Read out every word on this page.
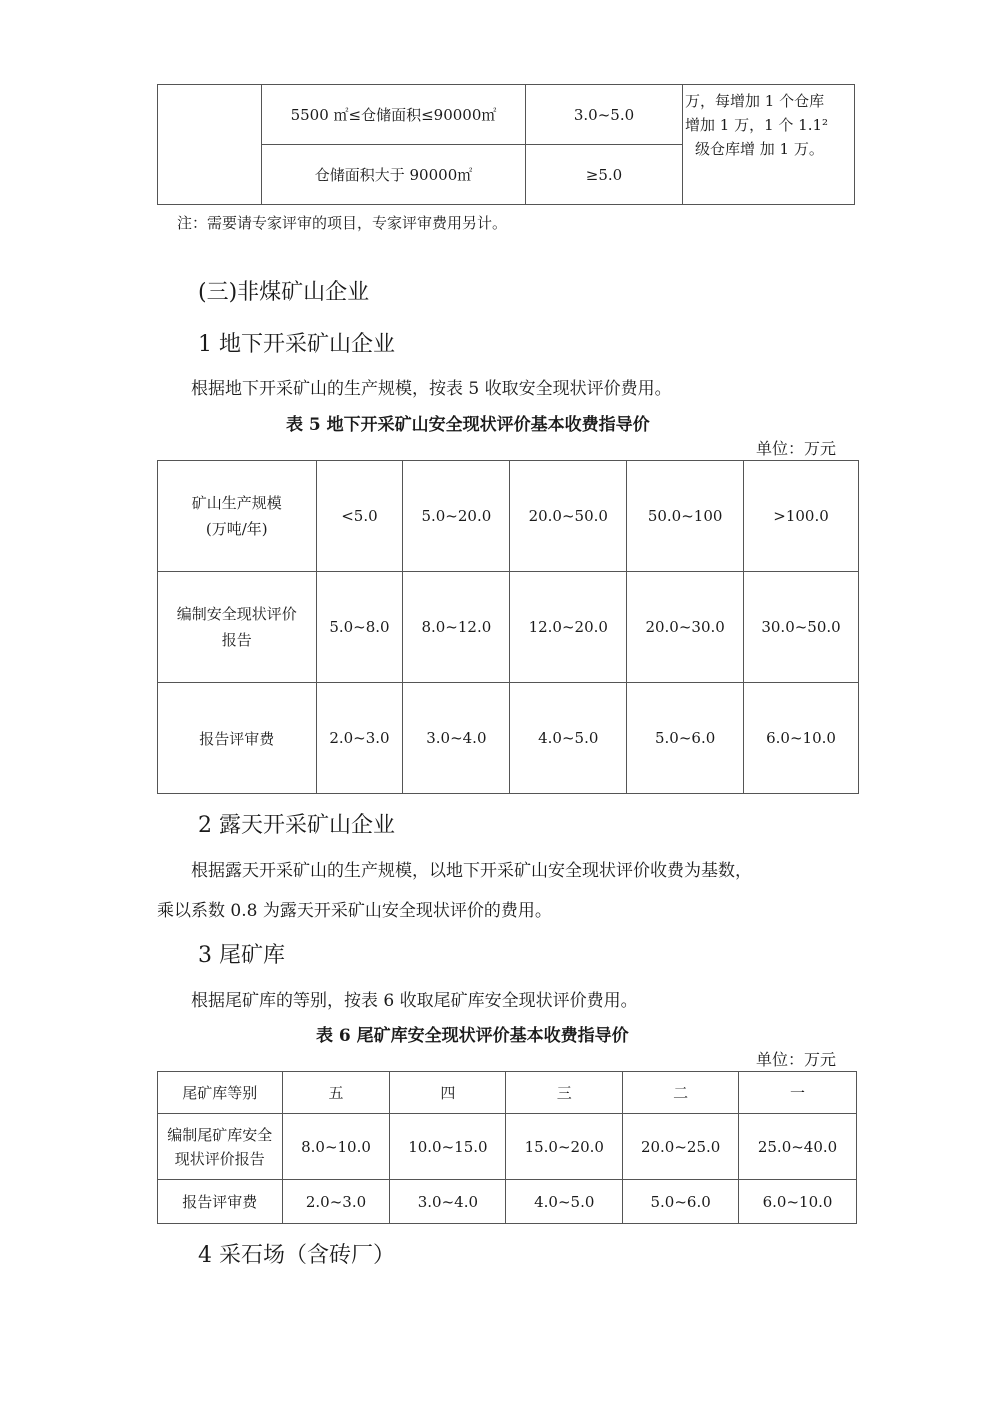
	5500 ㎡≤仓储面积≤90000㎡	3.0~5.0	万，每增加 1 个仓库
增加 1 万，1 个 1.1²
级仓库增 加 1 万。

	仓储面积大于 90000㎡	≥5.0	
注：需要请专家评审的项目，专家评审费用另计。
(三)非煤矿山企业
1 地下开采矿山企业
根据地下开采矿山的生产规模，按表 5 收取安全现状评价费用。
表 5 地下开采矿山安全现状评价基本收费指导价
单位：万元
矿山生产规模
(万吨/年)	<5.0	5.0~20.0	20.0~50.0	50.0~100	>100.0

编制安全现状评价
报告	5.0~8.0	8.0~12.0	12.0~20.0	20.0~30.0	30.0~50.0
报告评审费	2.0~3.0	3.0~4.0	4.0~5.0	5.0~6.0	6.0~10.0
2 露天开采矿山企业
根据露天开采矿山的生产规模，以地下开采矿山安全现状评价收费为基数，
乘以系数 0.8 为露天开采矿山安全现状评价的费用。
3 尾矿库
根据尾矿库的等别，按表 6 收取尾矿库安全现状评价费用。
表 6 尾矿库安全现状评价基本收费指导价
单位：万元
尾矿库等别	五	四	三	二	一

编制尾矿库安全
现状评价报告	8.0~10.0	10.0~15.0	15.0~20.0	20.0~25.0	25.0~40.0
报告评审费	2.0~3.0	3.0~4.0	4.0~5.0	5.0~6.0	6.0~10.0
4 采石场（含砖厂）
